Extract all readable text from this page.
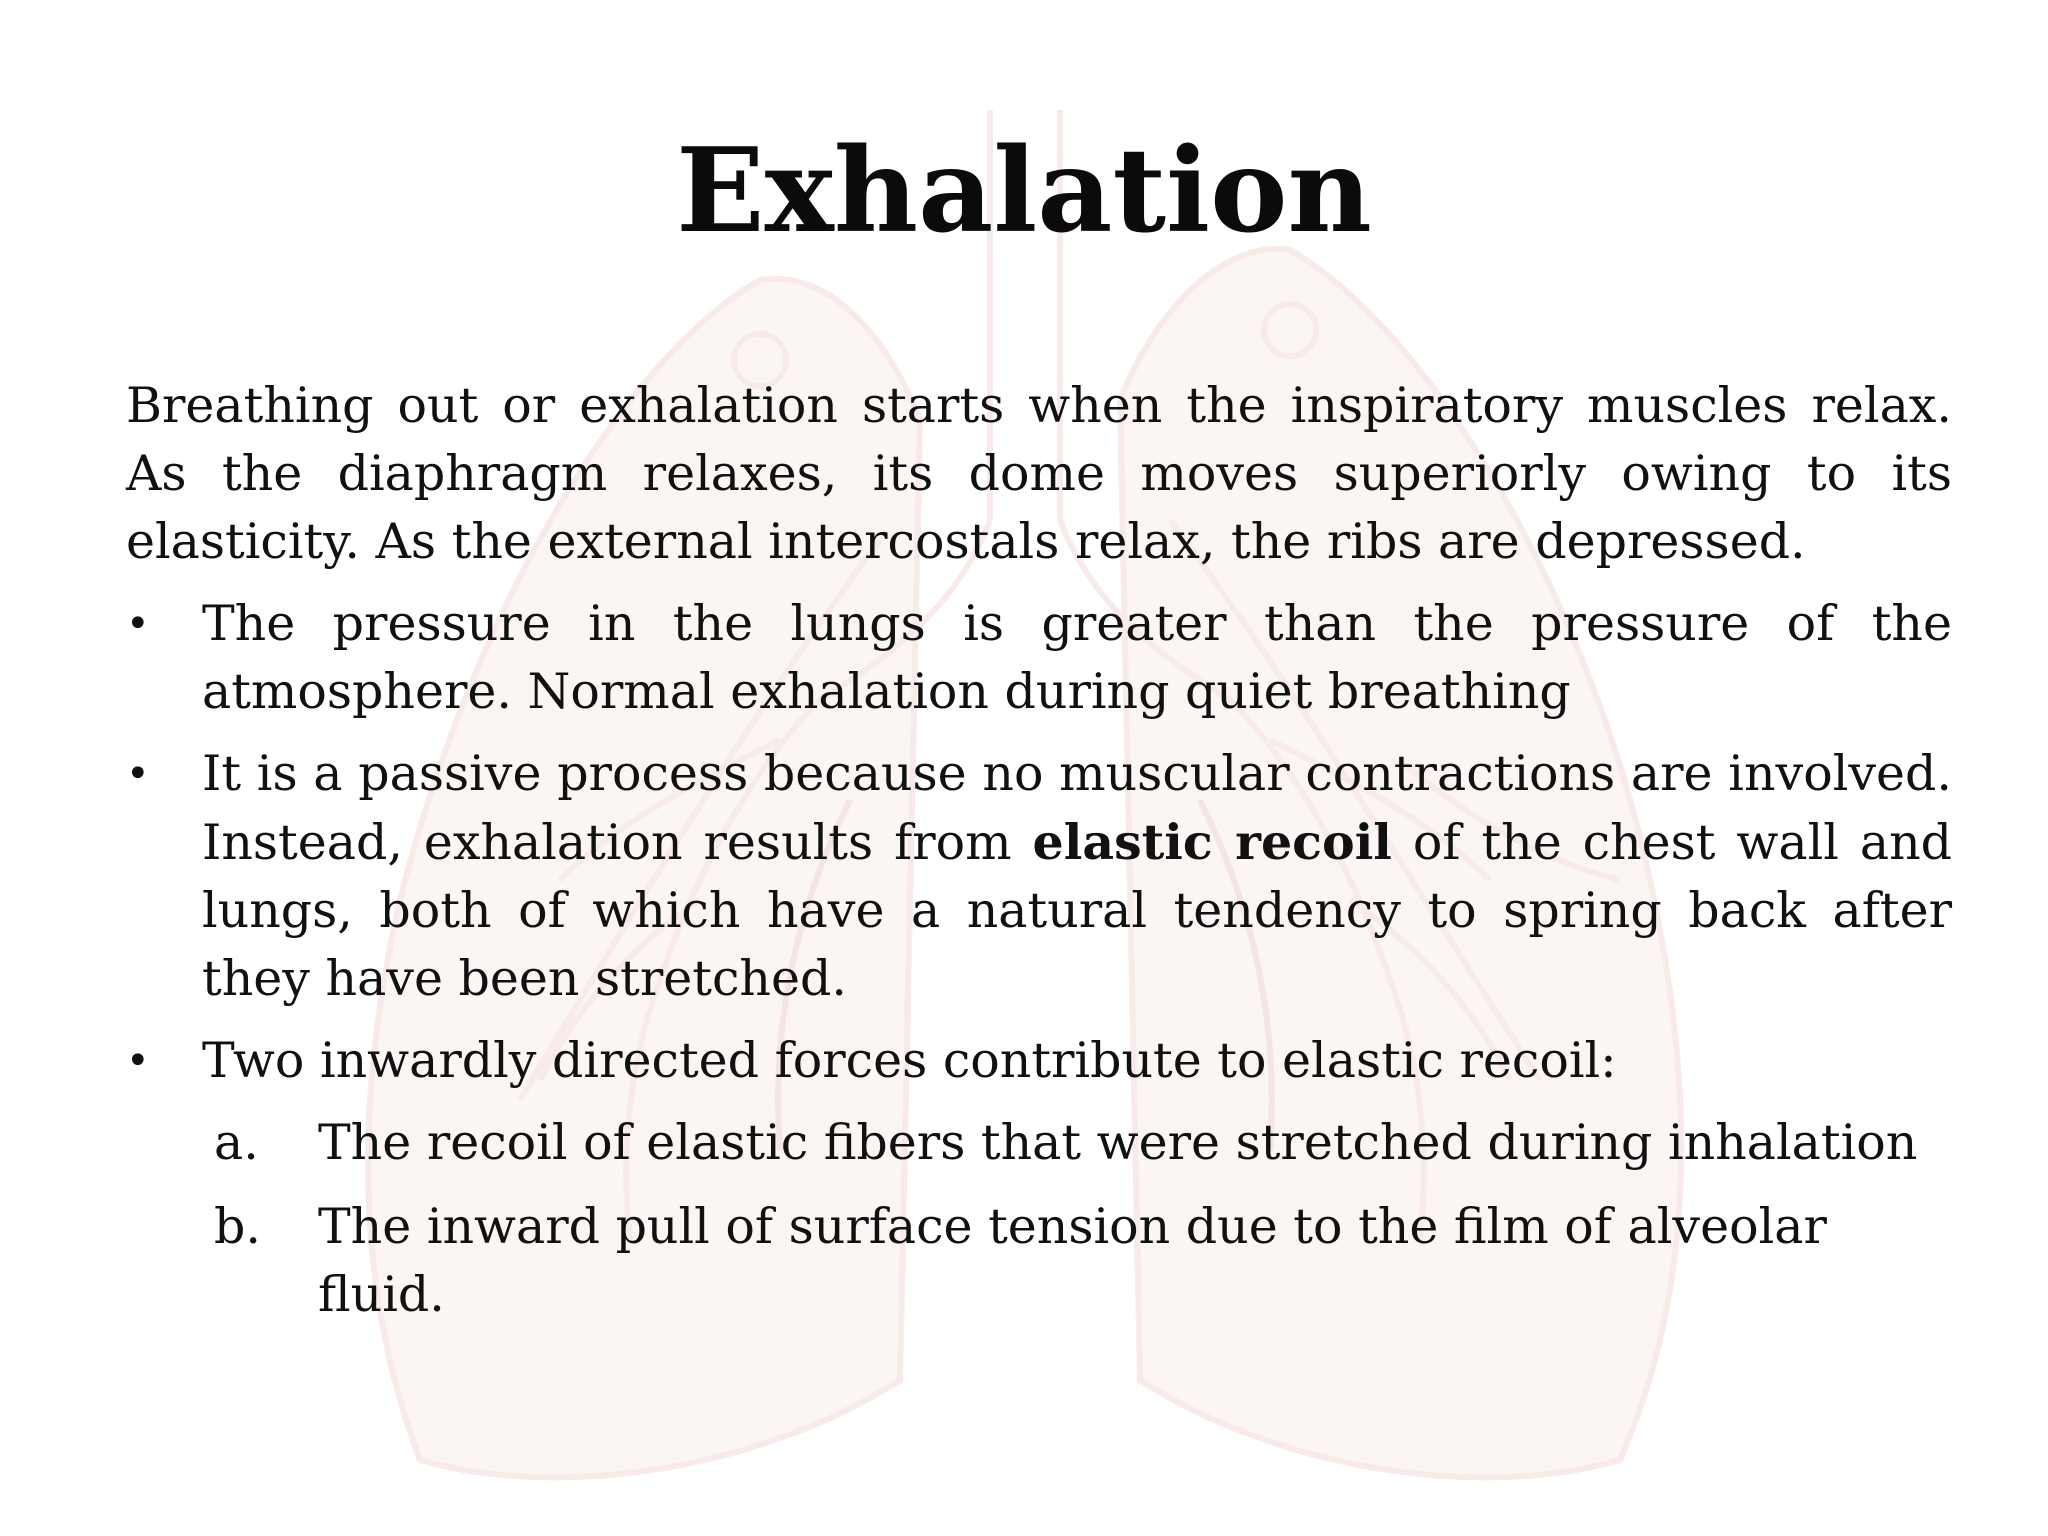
Exhalation

Breathing out or exhalation starts when the inspiratory muscles relax. As the diaphragm relaxes, its dome moves superiorly owing to its elasticity. As the external intercostals relax, the ribs are depressed.

•	The pressure in the lungs is greater than the pressure of the atmosphere. Normal exhalation during quiet breathing
•	It is a passive process because no muscular contractions are involved. Instead, exhalation results from elastic recoil of the chest wall and lungs, both of which have a natural tendency to spring back after they have been stretched.
•	Two inwardly directed forces contribute to elastic recoil:
a. The recoil of elastic fibers that were stretched during inhalation
b. The inward pull of surface tension due to the film of alveolar fluid.
